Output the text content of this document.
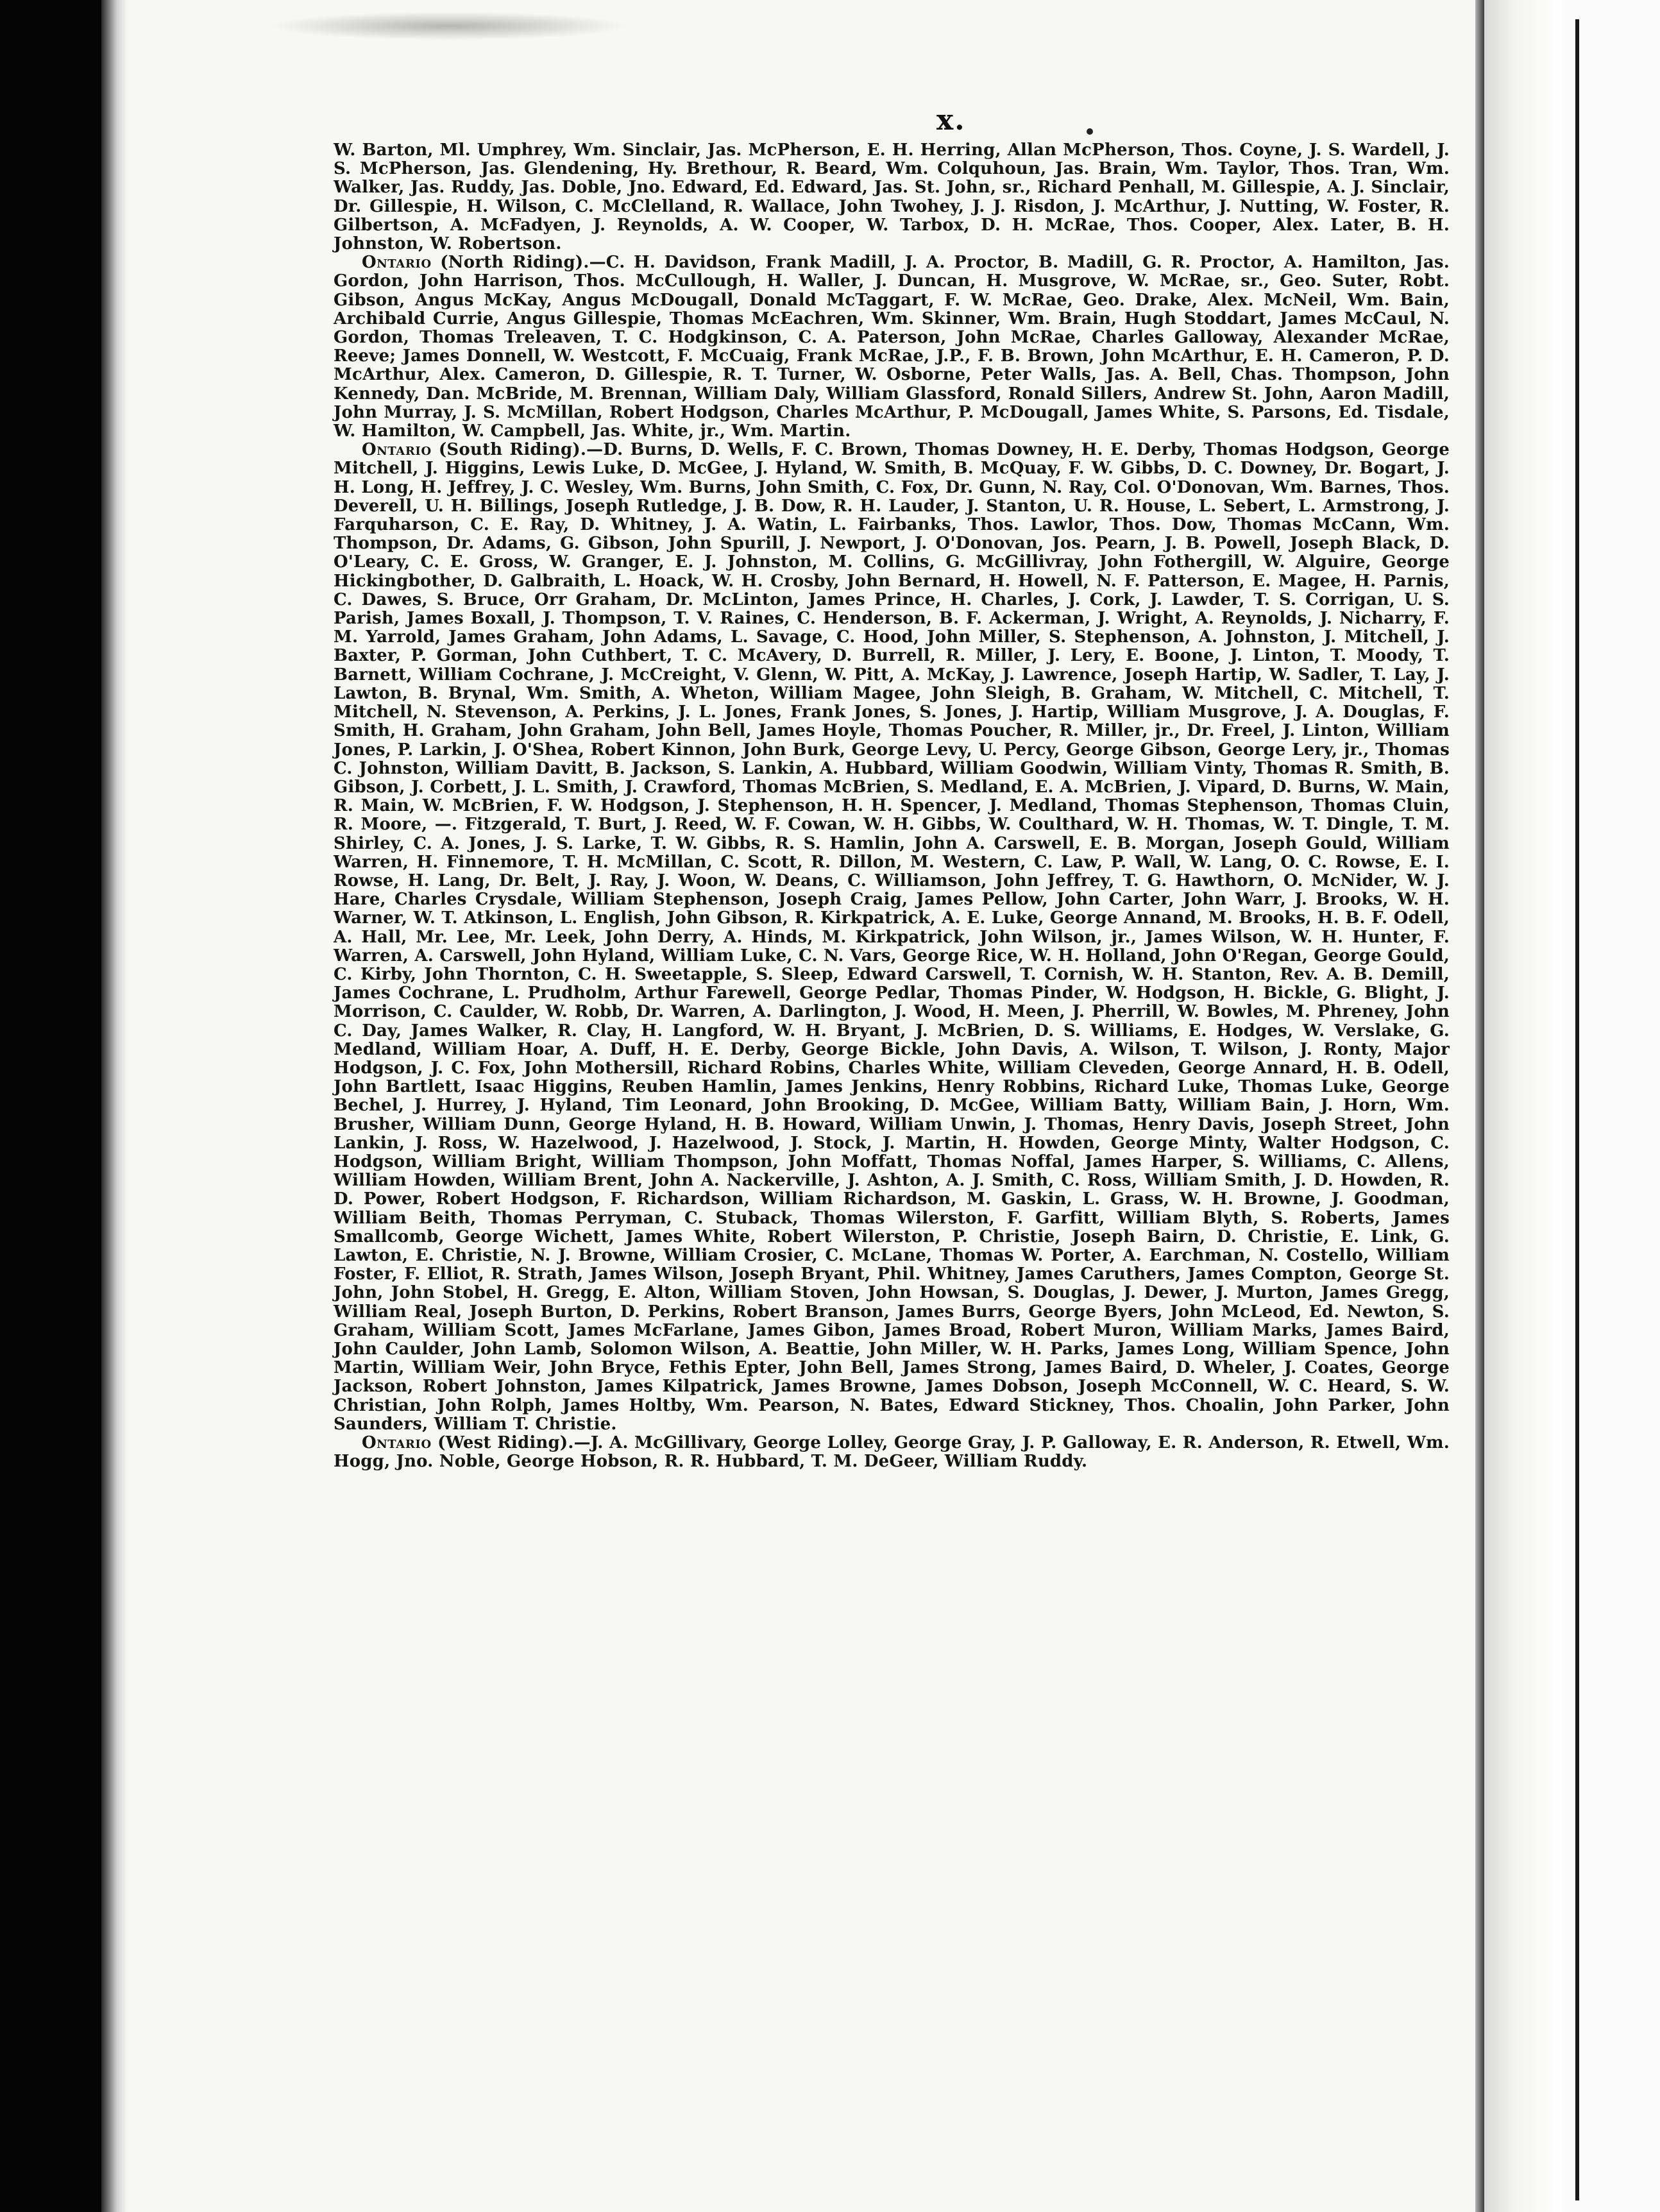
x.

W. Barton, Ml. Umphrey, Wm. Sinclair, Jas. McPherson, E. H. Herring, Allan McPherson, Thos. Coyne, J. S. Wardell, J. S. McPherson, Jas. Glendening, Hy. Brethour, R. Beard, Wm. Colquhoun, Jas. Brain, Wm. Taylor, Thos. Tran, Wm. Walker, Jas. Ruddy, Jas. Doble, Jno. Edward, Ed. Edward, Jas. St. John, sr., Richard Penhall, M. Gillespie, A. J. Sinclair, Dr. Gillespie, H. Wilson, C. McClelland, R. Wallace, John Twohey, J. J. Risdon, J. McArthur, J. Nutting, W. Foster, R. Gilbertson, A. McFadyen, J. Reynolds, A. W. Cooper, W. Tarbox, D. H. McRae, Thos. Cooper, Alex. Later, B. H. Johnston, W. Robertson.

Ontario (North Riding).—C. H. Davidson, Frank Madill, J. A. Proctor, B. Madill, G. R. Proctor, A. Hamilton, Jas. Gordon, John Harrison, Thos. McCullough, H. Waller, J. Duncan, H. Musgrove, W. McRae, sr., Geo. Suter, Robt. Gibson, Angus McKay, Angus McDougall, Donald McTaggart, F. W. McRae, Geo. Drake, Alex. McNeil, Wm. Bain, Archibald Currie, Angus Gillespie, Thomas McEachren, Wm. Skinner, Wm. Brain, Hugh Stoddart, James McCaul, N. Gordon, Thomas Treleaven, T. C. Hodgkinson, C. A. Paterson, John McRae, Charles Galloway, Alexander McRae, Reeve; James Donnell, W. Westcott, F. McCuaig, Frank McRae, J.P., F. B. Brown, John McArthur, E. H. Cameron, P. D. McArthur, Alex. Cameron, D. Gillespie, R. T. Turner, W. Osborne, Peter Walls, Jas. A. Bell, Chas. Thompson, John Kennedy, Dan. McBride, M. Brennan, William Daly, William Glassford, Ronald Sillers, Andrew St. John, Aaron Madill, John Murray, J. S. McMillan, Robert Hodgson, Charles McArthur, P. McDougall, James White, S. Parsons, Ed. Tisdale, W. Hamilton, W. Campbell, Jas. White, jr., Wm. Martin.

Ontario (South Riding).—D. Burns, D. Wells, F. C. Brown, Thomas Downey, H. E. Derby, Thomas Hodgson, George Mitchell, J. Higgins, Lewis Luke, D. McGee, J. Hyland, W. Smith, B. McQuay, F. W. Gibbs, D. C. Downey, Dr. Bogart, J. H. Long, H. Jeffrey, J. C. Wesley, Wm. Burns, John Smith, C. Fox, Dr. Gunn, N. Ray, Col. O'Donovan, Wm. Barnes, Thos. Deverell, U. H. Billings, Joseph Rutledge, J. B. Dow, R. H. Lauder, J. Stanton, U. R. House, L. Sebert, L. Armstrong, J. Farquharson, C. E. Ray, D. Whitney, J. A. Watin, L. Fairbanks, Thos. Lawlor, Thos. Dow, Thomas McCann, Wm. Thompson, Dr. Adams, G. Gibson, John Spurill, J. Newport, J. O'Donovan, Jos. Pearn, J. B. Powell, Joseph Black, D. O'Leary, C. E. Gross, W. Granger, E. J. Johnston, M. Collins, G. McGillivray, John Fothergill, W. Alguire, George Hickingbother, D. Galbraith, L. Hoack, W. H. Crosby, John Bernard, H. Howell, N. F. Patterson, E. Magee, H. Parnis, C. Dawes, S. Bruce, Orr Graham, Dr. McLinton, James Prince, H. Charles, J. Cork, J. Lawder, T. S. Corrigan, U. S. Parish, James Boxall, J. Thompson, T. V. Raines, C. Henderson, B. F. Ackerman, J. Wright, A. Reynolds, J. Nicharry, F. M. Yarrold, James Graham, John Adams, L. Savage, C. Hood, John Miller, S. Stephenson, A. Johnston, J. Mitchell, J. Baxter, P. Gorman, John Cuthbert, T. C. McAvery, D. Burrell, R. Miller, J. Lery, E. Boone, J. Linton, T. Moody, T. Barnett, William Cochrane, J. McCreight, V. Glenn, W. Pitt, A. McKay, J. Lawrence, Joseph Hartip, W. Sadler, T. Lay, J. Lawton, B. Brynal, Wm. Smith, A. Wheton, William Magee, John Sleigh, B. Graham, W. Mitchell, C. Mitchell, T. Mitchell, N. Stevenson, A. Perkins, J. L. Jones, Frank Jones, S. Jones, J. Hartip, William Musgrove, J. A. Douglas, F. Smith, H. Graham, John Graham, John Bell, James Hoyle, Thomas Poucher, R. Miller, jr., Dr. Freel, J. Linton, William Jones, P. Larkin, J. O'Shea, Robert Kinnon, John Burk, George Levy, U. Percy, George Gibson, George Lery, jr., Thomas C. Johnston, William Davitt, B. Jackson, S. Lankin, A. Hubbard, William Goodwin, William Vinty, Thomas R. Smith, B. Gibson, J. Corbett, J. L. Smith, J. Crawford, Thomas McBrien, S. Medland, E. A. McBrien, J. Vipard, D. Burns, W. Main, R. Main, W. McBrien, F. W. Hodgson, J. Stephenson, H. H. Spencer, J. Medland, Thomas Stephenson, Thomas Cluin, R. Moore, —. Fitzgerald, T. Burt, J. Reed, W. F. Cowan, W. H. Gibbs, W. Coulthard, W. H. Thomas, W. T. Dingle, T. M. Shirley, C. A. Jones, J. S. Larke, T. W. Gibbs, R. S. Hamlin, John A. Carswell, E. B. Morgan, Joseph Gould, William Warren, H. Finnemore, T. H. McMillan, C. Scott, R. Dillon, M. Western, C. Law, P. Wall, W. Lang, O. C. Rowse, E. I. Rowse, H. Lang, Dr. Belt, J. Ray, J. Woon, W. Deans, C. Williamson, John Jeffrey, T. G. Hawthorn, O. McNider, W. J. Hare, Charles Crysdale, William Stephenson, Joseph Craig, James Pellow, John Carter, John Warr, J. Brooks, W. H. Warner, W. T. Atkinson, L. English, John Gibson, R. Kirkpatrick, A. E. Luke, George Annand, M. Brooks, H. B. F. Odell, A. Hall, Mr. Lee, Mr. Leek, John Derry, A. Hinds, M. Kirkpatrick, John Wilson, jr., James Wilson, W. H. Hunter, F. Warren, A. Carswell, John Hyland, William Luke, C. N. Vars, George Rice, W. H. Holland, John O'Regan, George Gould, C. Kirby, John Thornton, C. H. Sweetapple, S. Sleep, Edward Carswell, T. Cornish, W. H. Stanton, Rev. A. B. Demill, James Cochrane, L. Prudholm, Arthur Farewell, George Pedlar, Thomas Pinder, W. Hodgson, H. Bickle, G. Blight, J. Morrison, C. Caulder, W. Robb, Dr. Warren, A. Darlington, J. Wood, H. Meen, J. Pherrill, W. Bowles, M. Phreney, John C. Day, James Walker, R. Clay, H. Langford, W. H. Bryant, J. McBrien, D. S. Williams, E. Hodges, W. Verslake, G. Medland, William Hoar, A. Duff, H. E. Derby, George Bickle, John Davis, A. Wilson, T. Wilson, J. Ronty, Major Hodgson, J. C. Fox, John Mothersill, Richard Robins, Charles White, William Cleveden, George Annard, H. B. Odell, John Bartlett, Isaac Higgins, Reuben Hamlin, James Jenkins, Henry Robbins, Richard Luke, Thomas Luke, George Bechel, J. Hurrey, J. Hyland, Tim Leonard, John Brooking, D. McGee, William Batty, William Bain, J. Horn, Wm. Brusher, William Dunn, George Hyland, H. B. Howard, William Unwin, J. Thomas, Henry Davis, Joseph Street, John Lankin, J. Ross, W. Hazelwood, J. Hazelwood, J. Stock, J. Martin, H. Howden, George Minty, Walter Hodgson, C. Hodgson, William Bright, William Thompson, John Moffatt, Thomas Noffal, James Harper, S. Williams, C. Allens, William Howden, William Brent, John A. Nackerville, J. Ashton, A. J. Smith, C. Ross, William Smith, J. D. Howden, R. D. Power, Robert Hodgson, F. Richardson, William Richardson, M. Gaskin, L. Grass, W. H. Browne, J. Goodman, William Beith, Thomas Perryman, C. Stuback, Thomas Wilerston, F. Garfitt, William Blyth, S. Roberts, James Smallcomb, George Wichett, James White, Robert Wilerston, P. Christie, Joseph Bairn, D. Christie, E. Link, G. Lawton, E. Christie, N. J. Browne, William Crosier, C. McLane, Thomas W. Porter, A. Earchman, N. Costello, William Foster, F. Elliot, R. Strath, James Wilson, Joseph Bryant, Phil. Whitney, James Caruthers, James Compton, George St. John, John Stobel, H. Gregg, E. Alton, William Stoven, John Howsan, S. Douglas, J. Dewer, J. Murton, James Gregg, William Real, Joseph Burton, D. Perkins, Robert Branson, James Burrs, George Byers, John McLeod, Ed. Newton, S. Graham, William Scott, James McFarlane, James Gibon, James Broad, Robert Muron, William Marks, James Baird, John Caulder, John Lamb, Solomon Wilson, A. Beattie, John Miller, W. H. Parks, James Long, William Spence, John Martin, William Weir, John Bryce, Fethis Epter, John Bell, James Strong, James Baird, D. Wheler, J. Coates, George Jackson, Robert Johnston, James Kilpatrick, James Browne, James Dobson, Joseph McConnell, W. C. Heard, S. W. Christian, John Rolph, James Holtby, Wm. Pearson, N. Bates, Edward Stickney, Thos. Choalin, John Parker, John Saunders, William T. Christie.

Ontario (West Riding).—J. A. McGillivary, George Lolley, George Gray, J. P. Galloway, E. R. Anderson, R. Etwell, Wm. Hogg, Jno. Noble, George Hobson, R. R. Hubbard, T. M. DeGeer, William Ruddy.
